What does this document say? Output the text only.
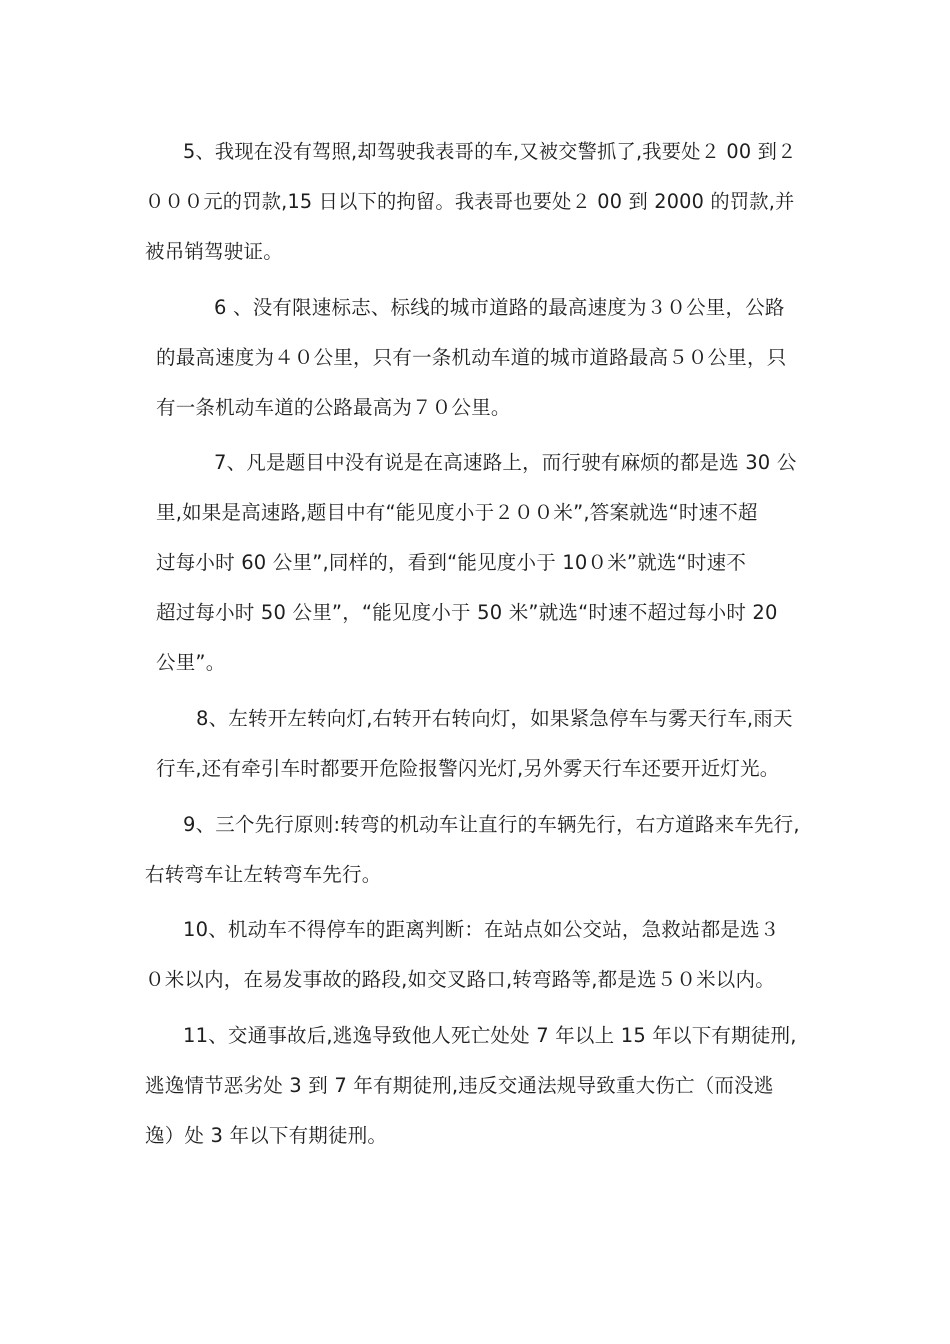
5、我现在没有驾照,却驾驶我表哥的车,又被交警抓了,我要处２ 00 到２
０００元的罚款,15 日以下的拘留。我表哥也要处２ 00 到 2000 的罚款,并
被吊销驾驶证。
6 、没有限速标志、标线的城市道路的最高速度为３０公里，公路
的最高速度为４０公里，只有一条机动车道的城市道路最高５０公里，只
有一条机动车道的公路最高为７０公里。
7、凡是题目中没有说是在高速路上，而行驶有麻烦的都是选 30 公
里,如果是高速路,题目中有“能见度小于２００米”,答案就选“时速不超
过每小时 60 公里”,同样的，看到“能见度小于 10０米”就选“时速不
超过每小时 50 公里”，“能见度小于 50 米”就选“时速不超过每小时 20
公里”。
8、左转开左转向灯,右转开右转向灯，如果紧急停车与雾天行车,雨天
行车,还有牵引车时都要开危险报警闪光灯,另外雾天行车还要开近灯光。
9、三个先行原则:转弯的机动车让直行的车辆先行，右方道路来车先行,
右转弯车让左转弯车先行。
10、机动车不得停车的距离判断：在站点如公交站，急救站都是选３
０米以内，在易发事故的路段,如交叉路口,转弯路等,都是选５０米以内。
11、交通事故后,逃逸导致他人死亡处处 7 年以上 15 年以下有期徒刑,
逃逸情节恶劣处 3 到 7 年有期徒刑,违反交通法规导致重大伤亡（而没逃
逸）处 3 年以下有期徒刑。
